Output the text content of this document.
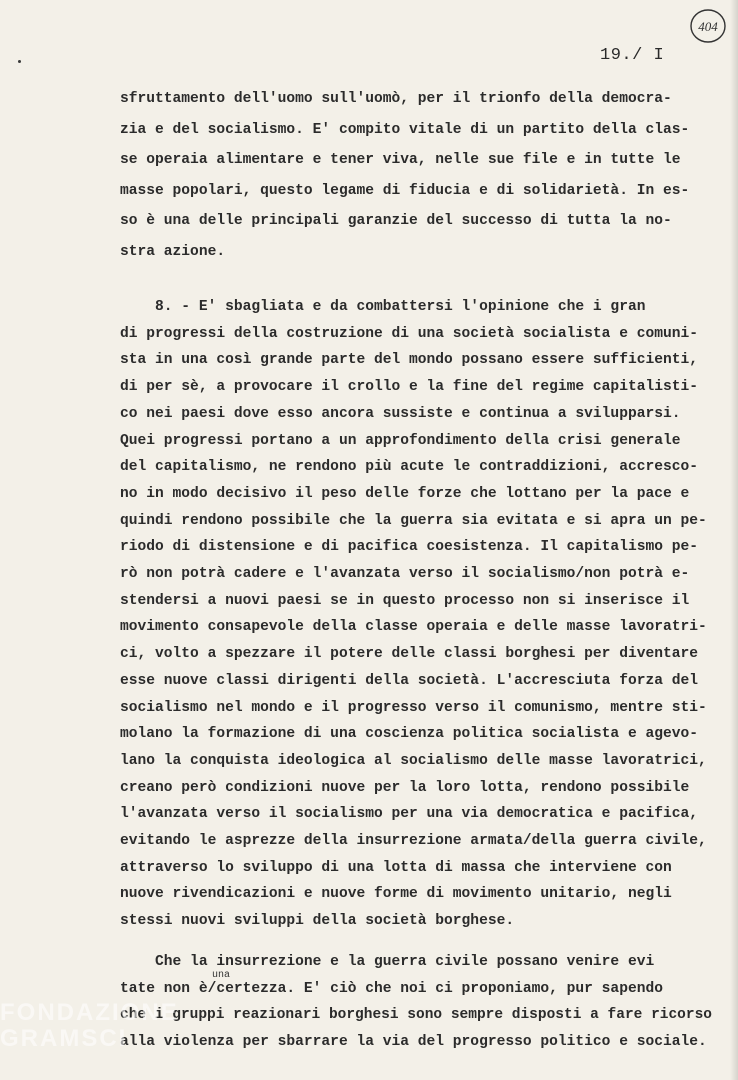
404
19./ I

sfruttamento dell'uomo sull'uomò, per il trionfo della democra-

zia e del socialismo. E' compito vitale di un partito della clas-

se operaia alimentare e tener viva, nelle sue file e in tutte le

masse popolari, questo legame di fiducia e di solidarietà. In es-

so è una delle principali garanzie del successo di tutta la no-

stra azione.

8. - E' sbagliata e da combattersi l'opinione che i gran

di progressi della costruzione di una società socialista e comuni-

sta in una così grande parte del mondo possano essere sufficienti,

di per sè, a provocare il crollo e la fine del regime capitalisti-

co nei paesi dove esso ancora sussiste e continua a svilupparsi.

Quei progressi portano a un approfondimento della crisi generale

del capitalismo, ne rendono più acute le contraddizioni, accresco-

no in modo decisivo il peso delle forze che lottano per la pace e

quindi rendono possibile che la guerra sia evitata e si apra un pe-

riodo di distensione e di pacifica coesistenza. Il capitalismo pe-

rò non potrà cadere e l'avanzata verso il socialismo/non potrà e-

stendersi a nuovi paesi se in questo processo non si inserisce il

movimento consapevole della classe operaia e delle masse lavoratri-

ci, volto a spezzare il potere delle classi borghesi per diventare

esse nuove classi dirigenti della società. L'accresciuta forza del

socialismo nel mondo e il progresso verso il comunismo, mentre sti-

molano la formazione di una coscienza politica socialista e agevo-

lano la conquista ideologica al socialismo delle masse lavoratrici,

creano però condizioni nuove per la loro lotta, rendono possibile

l'avanzata verso il socialismo per una via democratica e pacifica,

evitando le asprezze della insurrezione armata/della guerra civile,

attraverso lo sviluppo di una lotta di massa che interviene con

nuove rivendicazioni e nuove forme di movimento unitario, negli

stessi nuovi sviluppi della società borghese.

Che la insurrezione e la guerra civile possano venire evi

tate non è/certezza. E' ciò che noi ci proponiamo, pur sapendo

che i gruppi reazionari borghesi sono sempre disposti a fare ricorso

alla violenza per sbarrare la via del progresso politico e sociale.

una
FONDAZIONE
GRAMSCI
